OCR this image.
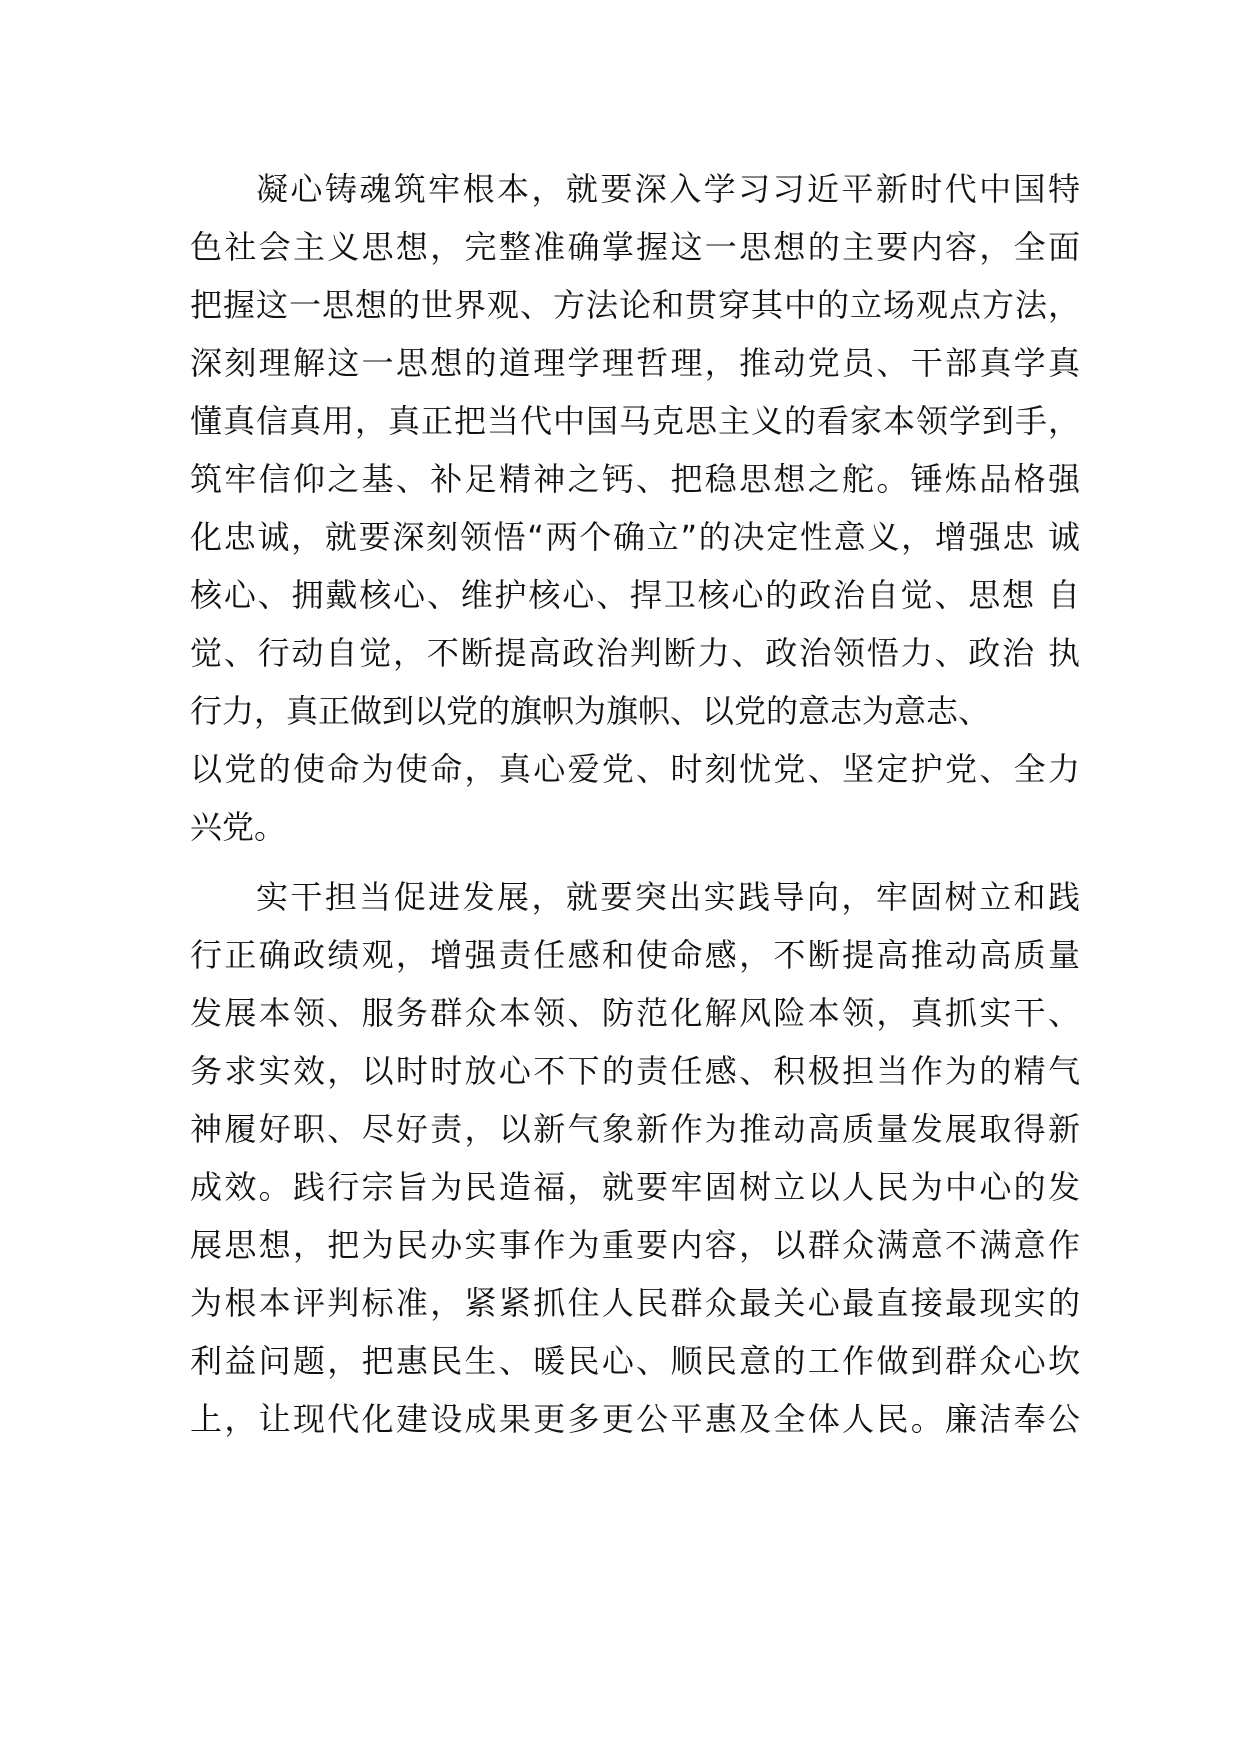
凝心铸魂筑牢根本，就要深入学习习近平新时代中国特
色社会主义思想，完整准确掌握这一思想的主要内容，全面
把握这一思想的世界观、方法论和贯穿其中的立场观点方法，
深刻理解这一思想的道理学理哲理，推动党员、干部真学真
懂真信真用，真正把当代中国马克思主义的看家本领学到手，
筑牢信仰之基、补足精神之钙、把稳思想之舵。锤炼品格强
化忠诚，就要深刻领悟“两个确立”的决定性意义，增强忠 诚
核心、拥戴核心、维护核心、捍卫核心的政治自觉、思想 自
觉、行动自觉，不断提高政治判断力、政治领悟力、政治 执
行力，真正做到以党的旗帜为旗帜、以党的意志为意志、
以党的使命为使命，真心爱党、时刻忧党、坚定护党、全力
兴党。
实干担当促进发展，就要突出实践导向，牢固树立和践
行正确政绩观，增强责任感和使命感，不断提高推动高质量
发展本领、服务群众本领、防范化解风险本领，真抓实干、
务求实效，以时时放心不下的责任感、积极担当作为的精气
神履好职、尽好责，以新气象新作为推动高质量发展取得新
成效。践行宗旨为民造福，就要牢固树立以人民为中心的发
展思想，把为民办实事作为重要内容，以群众满意不满意作
为根本评判标准，紧紧抓住人民群众最关心最直接最现实的
利益问题，把惠民生、暖民心、顺民意的工作做到群众心坎
上，让现代化建设成果更多更公平惠及全体人民。廉洁奉公
